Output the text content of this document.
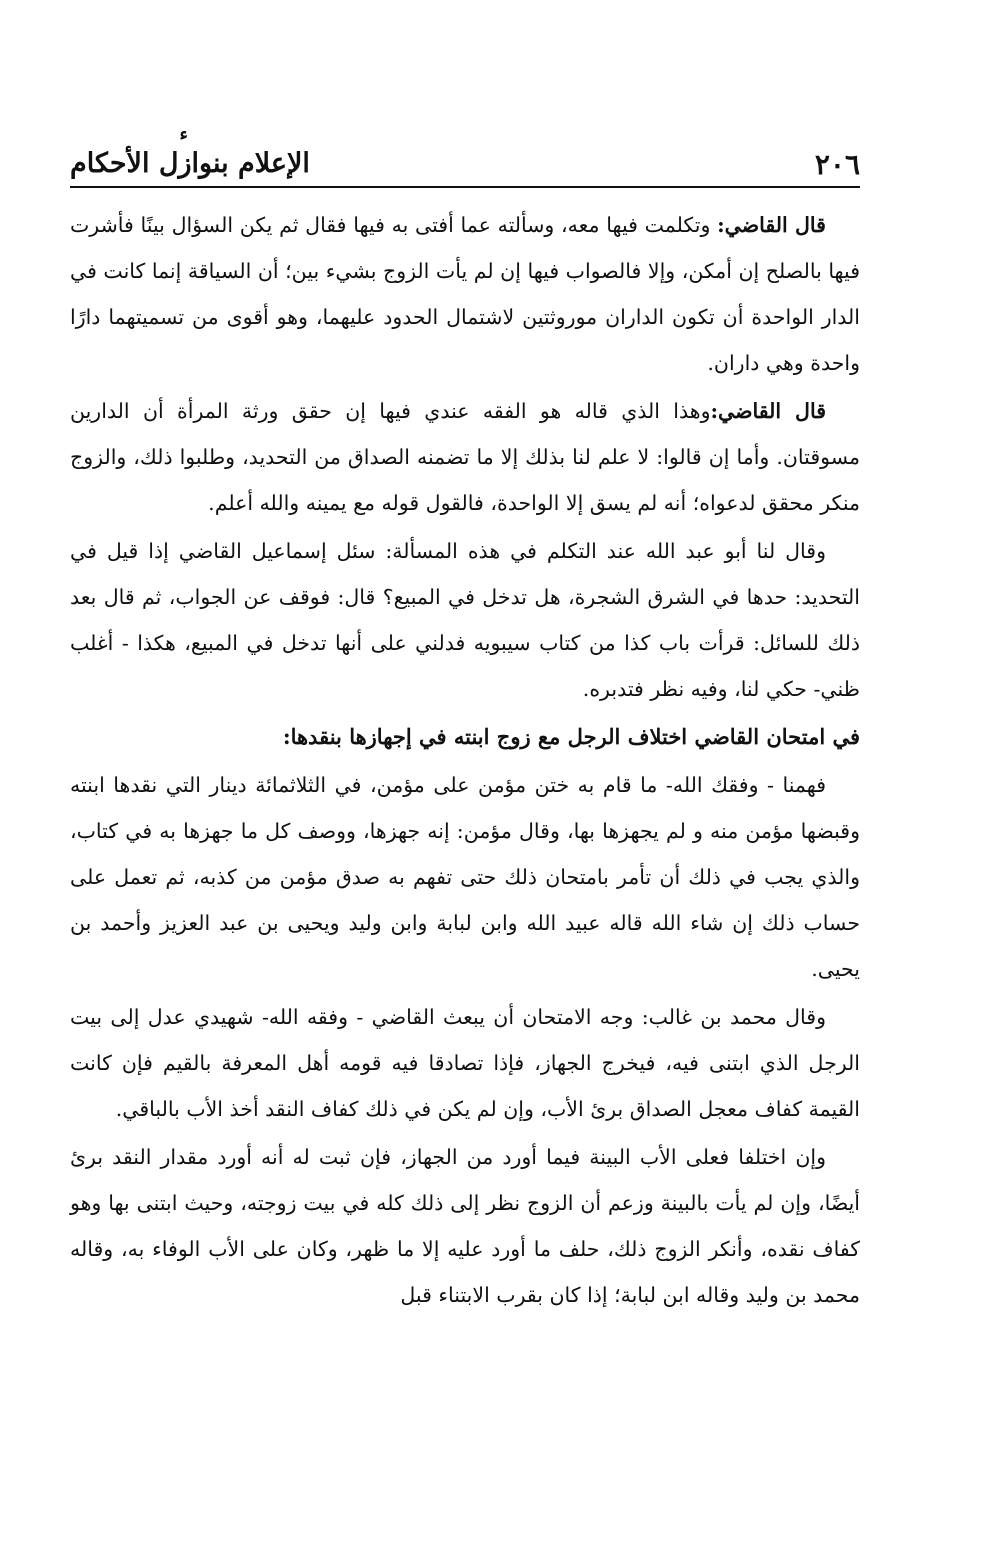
٢٠٦
ء
الإعلام بنوازل الأحكام

قال القاضي: وتكلمت فيها معه، وسألته عما أفتى به فيها فقال ثم يكن السؤال بينًا فأشرت فيها بالصلح إن أمكن، وإلا فالصواب فيها إن لم يأت الزوج بشيء بين؛ أن السياقة إنما كانت في الدار الواحدة أن تكون الداران موروثتين لاشتمال الحدود عليهما، وهو أقوى من تسميتهما دارًا واحدة وهي داران.

قال القاضي:وهذا الذي قاله هو الفقه عندي فيها إن حقق ورثة المرأة أن الدارين مسوقتان. وأما إن قالوا: لا علم لنا بذلك إلا ما تضمنه الصداق من التحديد، وطلبوا ذلك، والزوج منكر محقق لدعواه؛ أنه لم يسق إلا الواحدة، فالقول قوله مع يمينه والله أعلم.

وقال لنا أبو عبد الله عند التكلم في هذه المسألة: سئل إسماعيل القاضي إذا قيل في التحديد: حدها في الشرق الشجرة، هل تدخل في المبيع؟ قال: فوقف عن الجواب، ثم قال بعد ذلك للسائل: قرأت باب كذا من كتاب سيبويه فدلني على أنها تدخل في المبيع، هكذا - أغلب ظني- حكي لنا، وفيه نظر فتدبره.

في امتحان القاضي اختلاف الرجل مع زوج ابنته في إجهازها بنقدها:

فهمنا - وفقك الله- ما قام به ختن مؤمن على مؤمن، في الثلاثمائة دينار التي نقدها ابنته وقبضها مؤمن منه و لم يجهزها بها، وقال مؤمن: إنه جهزها، ووصف كل ما جهزها به في كتاب، والذي يجب في ذلك أن تأمر بامتحان ذلك حتى تفهم به صدق مؤمن من كذبه، ثم تعمل على حساب ذلك إن شاء الله قاله عبيد الله وابن لبابة وابن وليد ويحيى بن عبد العزيز وأحمد بن يحيى.

وقال محمد بن غالب: وجه الامتحان أن يبعث القاضي - وفقه الله- شهيدي عدل إلى بيت الرجل الذي ابتنى فيه، فيخرج الجهاز، فإذا تصادقا فيه قومه أهل المعرفة بالقيم فإن كانت القيمة كفاف معجل الصداق برئ الأب، وإن لم يكن في ذلك كفاف النقد أخذ الأب بالباقي.

وإن اختلفا فعلى الأب البينة فيما أورد من الجهاز، فإن ثبت له أنه أورد مقدار النقد برئ أيضًا، وإن لم يأت بالبينة وزعم أن الزوج نظر إلى ذلك كله في بيت زوجته، وحيث ابتنى بها وهو كفاف نقده، وأنكر الزوج ذلك، حلف ما أورد عليه إلا ما ظهر، وكان على الأب الوفاء به، وقاله محمد بن وليد وقاله ابن لبابة؛ إذا كان بقرب الابتناء قبل
